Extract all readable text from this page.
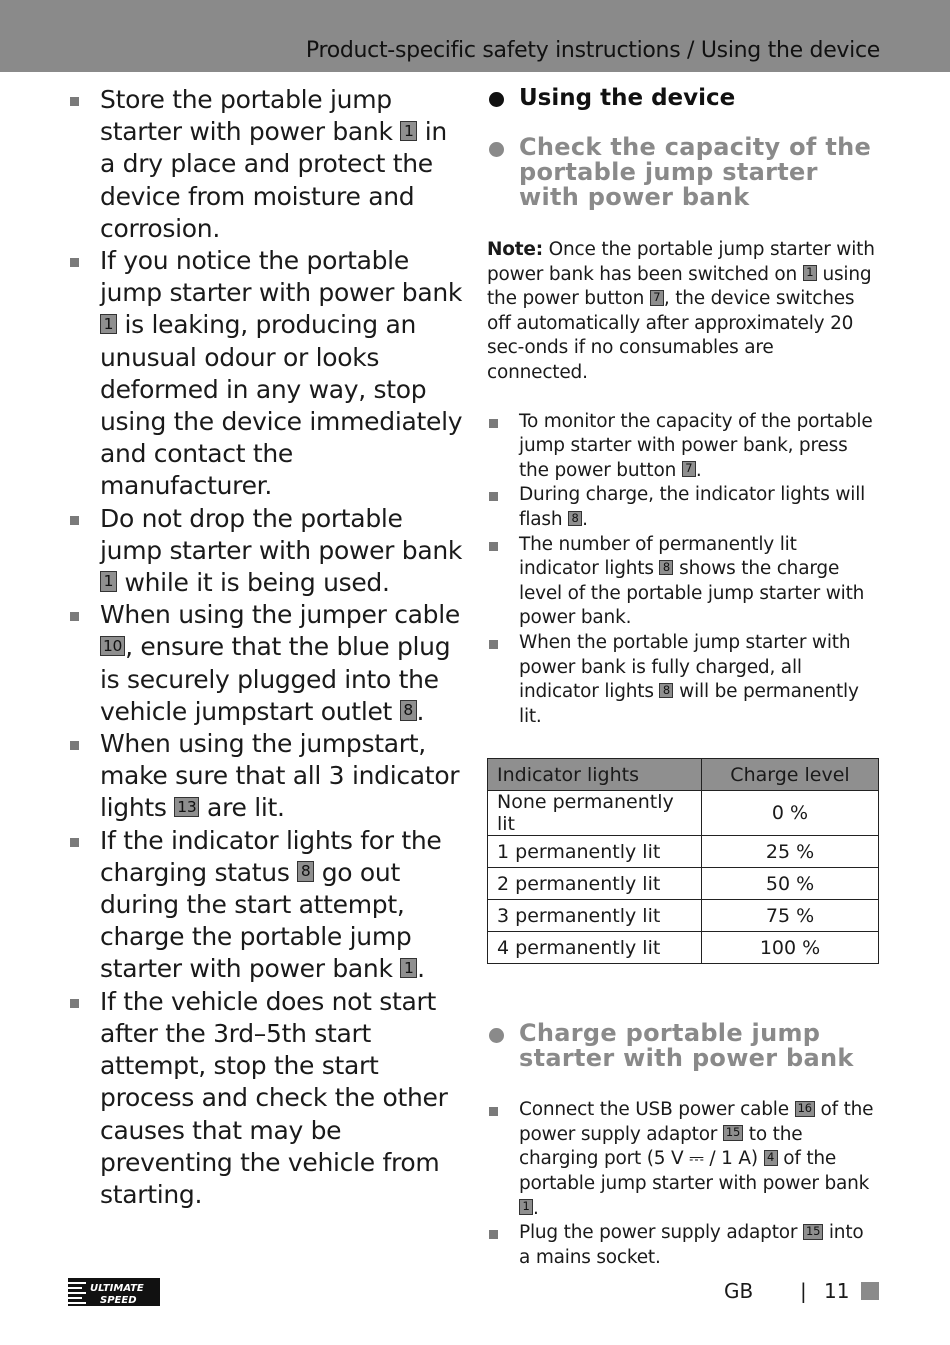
Product-specific safety instructions / Using the device
Store the portable jump starter with power bank 1 in a dry place and protect the device from moisture and corrosion.
If you notice the portable jump starter with power bank 1 is leaking, producing an unusual odour or looks deformed in any way, stop using the device immediately and contact the manufacturer.
Do not drop the portable jump starter with power bank 1 while it is being used.
When using the jumper cable 10 , ensure that the blue plug is securely plugged into the vehicle jumpstart outlet 8 .
When using the jumpstart, make sure that all 3 indicator lights 13 are lit.
If the indicator lights for the charging status 8 go out during the start attempt, charge the portable jump starter with power bank 1 .
If the vehicle does not start after the 3rd–5th start attempt, stop the start process and check the other causes that may be preventing the vehicle from starting.
Using the device
Check the capacity of the portable jump starter with power bank
Note: Once the portable jump starter with power bank has been switched on 1 using the power button 7 , the device switches off automatically after approximately 20 sec-onds if no consumables are connected.
To monitor the capacity of the portable jump starter with power bank, press the power button 7 .
During charge, the indicator lights will flash 8 .
The number of permanently lit indicator lights 8 shows the charge level of the portable jump starter with power bank.
When the portable jump starter with power bank is fully charged, all indicator lights 8 will be permanently lit.
Indicator lights	Charge level
None permanently lit	0 %
1 permanently lit	25 %
2 permanently lit	50 %
3 permanently lit	75 %
4 permanently lit	100 %
Charge portable jump starter with power bank
Connect the USB power cable 16 of the power supply adaptor 15 to the charging port (5 V ⎓ / 1 A) 4 of the portable jump starter with power bank 1 .
Plug the power supply adaptor 15 into a mains socket.
ULTIMATE
SPEED	GB | 11
